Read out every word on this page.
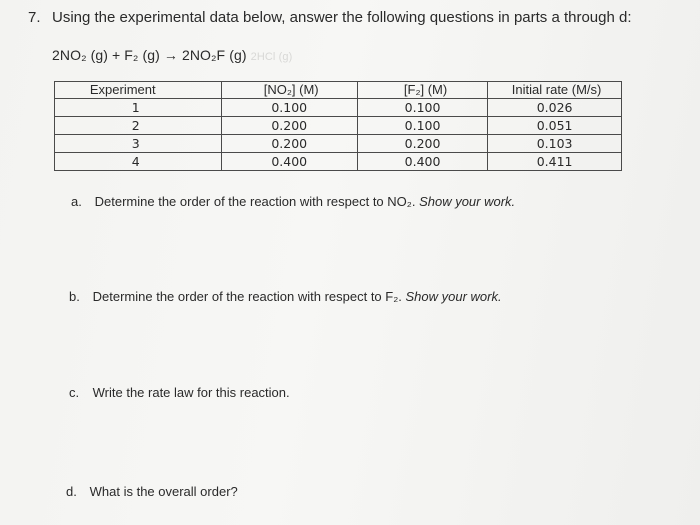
7. Using the experimental data below, answer the following questions in parts a through d:
2NO₂ (g) + F₂ (g) → 2NO₂F (g) 2HCl (g)
Experiment	[NO₂] (M)	[F₂] (M)	Initial rate (M/s)
1	0.100	0.100	0.026
2	0.200	0.100	0.051
3	0.200	0.200	0.103
4	0.400	0.400	0.411
a. Determine the order of the reaction with respect to NO₂. Show your work.
b. Determine the order of the reaction with respect to F₂. Show your work.
c. Write the rate law for this reaction.
d. What is the overall order?
